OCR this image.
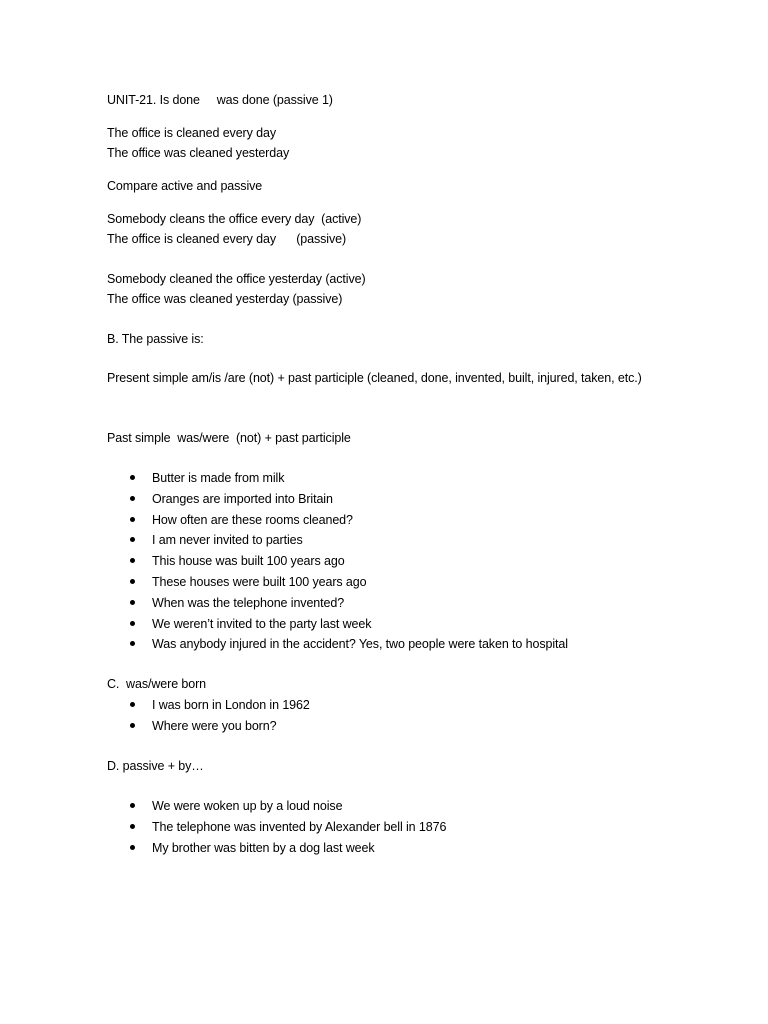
UNIT-21. Is done     was done (passive 1)
The office is cleaned every day
The office was cleaned yesterday
Compare active and passive
Somebody cleans the office every day  (active)
The office is cleaned every day      (passive)
Somebody cleaned the office yesterday (active)
The office was cleaned yesterday (passive)
B. The passive is:
Present simple am/is /are (not) + past participle (cleaned, done, invented, built, injured, taken, etc.)
Past simple  was/were  (not) + past participle
Butter is made from milk
Oranges are imported into Britain
How often are these rooms cleaned?
I am never invited to parties
This house was built 100 years ago
These houses were built 100 years ago
When was the telephone invented?
We weren’t invited to the party last week
Was anybody injured in the accident? Yes, two people were taken to hospital
C.  was/were born
I was born in London in 1962
Where were you born?
D. passive + by…
We were woken up by a loud noise
The telephone was invented by Alexander bell in 1876
My brother was bitten by a dog last week
